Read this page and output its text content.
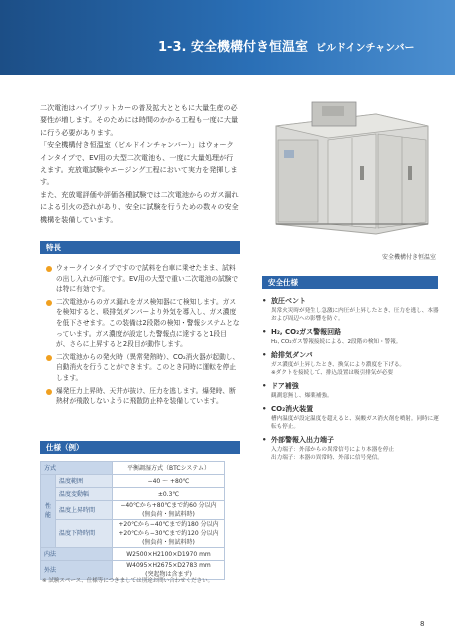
1-3. 安全機構付き恒温室 ビルドインチャンバー

二次電池はハイブリットカーの普及拡大とともに大量生産の必要性が増します。そのためには時間のかかる工程も一度に大量に行う必要があります。

「安全機構付き恒温室（ビルドインチャンバー）」はウォークインタイプで、EV用の大型二次電池も、一度に大量処理が行えます。充放電試験やエージング工程において実力を発揮します。

また、充放電評価や評価各種試験では二次電池からのガス漏れによる引火の恐れがあり、安全に試験を行うための数々の安全機構を装備しています。

安全機構付き恒温室
特長
ウォークインタイプですので試料を台車に乗せたまま、試料の出し入れが可能です。EV用の大型で重い二次電池の試験では特に有効です。
二次電池からのガス漏れをガス検知器にて検知します。ガスを検知すると、吸排気ダンパーより外気を導入し、ガス濃度を低下させます。この装備は2段階の検知・警報システムとなっています。ガス濃度が設定した警報点に達すると1段目が、さらに上昇すると2段目が動作します。
二次電池からの発火時（異常発熱時）、CO₂消火器が起動し、自動消火を行うことができます。このとき同時に運転を停止します。
爆発圧力上昇時、天井が抜け、圧力を逃します。爆発時、断熱材が飛散しないように飛散防止枠を装備しています。
安全仕様
• 放圧ベント
異常火災時が発生し急激に内圧が上昇したとき、圧力を逃し、本器および周辺への影響を防ぐ。
• H₂, CO₂ガス警報回路
H₂, CO₂ガス警報接続による、2段階の検知・警報。
• 給排気ダンパ
ガス濃度が上昇したとき、換気により濃度を下げる。
※ダクトを接続して、排込設置は吸引排気が必要
• ドア補強
観測窓無し、爆薬補強。
• CO₂消火装置
槽内温度が設定温度を超えると、炭酸ガス消火剤を噴射。同時に運転も停止。
• 外部警報入出力端子
入力端子：外部からの異常信号により本器を停止
出力端子：本器の異常時、外部に信号発信。
仕様（例）
方式		平衡調湿方式（BTCシステム）
性能	温度範囲	−40 〜 +80℃
	温度変動幅	±0.3℃
	温度上昇時間	−40℃から+80℃まで約60 分以内
(無負荷・無試料時)
	温度下降時間	+20℃から−40℃まで約180 分以内
+20℃から−30℃まで約120 分以内
(無負荷・無試料時)
内法		W2500×H2100×D1970 mm
外法		W4095×H2675×D2783 mm
(突起物は含まず)
※ 試験スペース、仕様等につきましては別途お問い合わせください。
8
